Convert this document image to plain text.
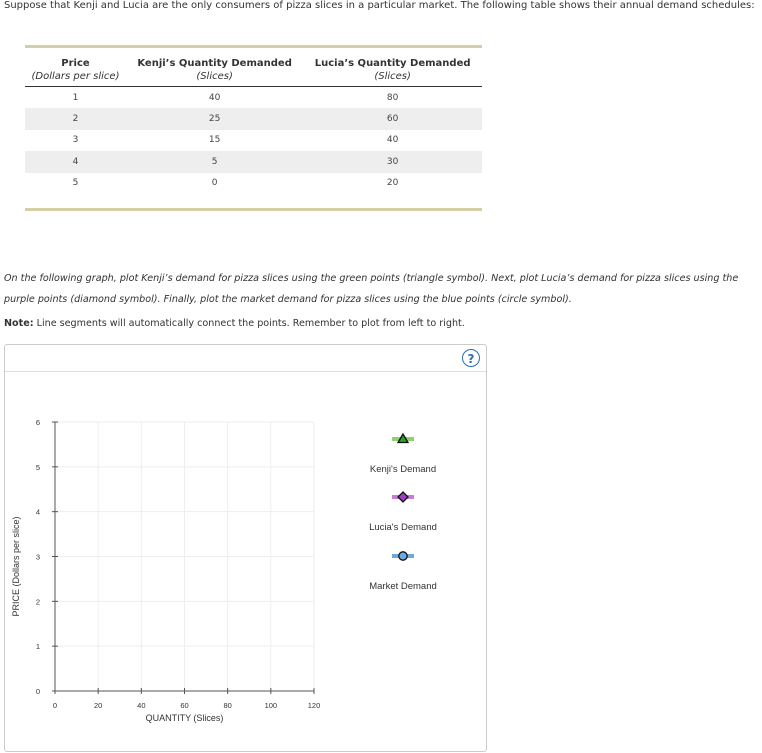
Suppose that Kenji and Lucia are the only consumers of pizza slices in a particular market. The following table shows their annual demand schedules:
Price	Kenji’s Quantity Demanded	Lucia’s Quantity Demanded
(Dollars per slice)	(Slices)	(Slices)
1	40	80
2	25	60
3	15	40
4	5	30
5	0	20

On the following graph, plot Kenji’s demand for pizza slices using the green points (triangle symbol). Next, plot Lucia’s demand for pizza slices using the purple points (diamond symbol). Finally, plot the market demand for pizza slices using the blue points (circle symbol).
Note: Line segments will automatically connect the points. Remember to plot from left to right.
?
0	20	40	60	80	100	120
0
1
2
3
4
5
6
QUANTITY (Slices)
PRICE (Dollars per slice)
Kenji's Demand
Lucia's Demand
Market Demand
